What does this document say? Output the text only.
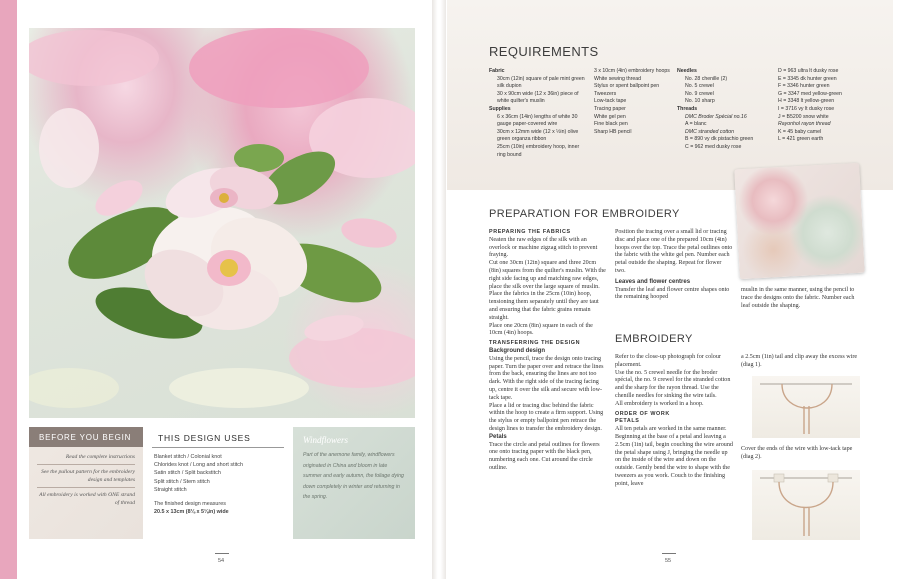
BEFORE YOU BEGIN
Read the complete instructions
See the pullout pattern for the embroidery design and templates
All embroidery is worked with ONE strand of thread
THIS DESIGN USES
Blanket stitch / Colonial knot
Chlorides knot / Long and short stitch
Satin stitch / Split backstitch
Split stitch / Stem stitch
Straight stitch
The finished design measures
20.5 x 13cm (8⅛ x 5⅛in) wide
Windflowers
Part of the anemone family, windflowers originated in China and bloom in late summer and early autumn, the foliage dying down completely in winter and returning in the spring.
54
REQUIREMENTS
Fabric
30cm (12in) square of pale mint green silk dupion
30 x 90cm wide (12 x 36in) piece of white quilter's muslin
Supplies
6 x 36cm (14in) lengths of white 30 gauge paper-covered wire
30cm x 12mm wide (12 x ½in) olive green organza ribbon
25cm (10in) embroidery hoop, inner ring bound
3 x 10cm (4in) embroidery hoops
White sewing thread
Stylus or spent ballpoint pen
Tweezers
Low-tack tape
Tracing paper
White gel pen
Fine black pen
Sharp HB pencil
Needles
No. 28 chenille (2)
No. 5 crewel
No. 9 crewel
No. 10 sharp
Threads
DMC Broder Spécial no.16
A = blanc
DMC stranded cotton
B = 890 vy dk pistachio green
C = 962 med dusky rose
D = 963 ultra lt dusky rose
E = 3345 dk hunter green
F = 3346 hunter green
G = 3347 med yellow-green
H = 3348 lt yellow-green
I = 3716 vy lt dusky rose
J = B5200 snow white
Rayonhol rayon thread
K = 45 baby camel
L = 421 green earth
PREPARATION FOR EMBROIDERY
PREPARING THE FABRICS
Neaten the raw edges of the silk with an overlock or machine zigzag stitch to prevent fraying.
Cut one 30cm (12in) square and three 20cm (8in) squares from the quilter's muslin. With the right side facing up and matching raw edges, place the silk over the large square of muslin. Place the fabrics in the 25cm (10in) hoop, tensioning them separately until they are taut and ensuring that the fabric grains remain straight.
Place one 20cm (8in) square in each of the 10cm (4in) hoops.
TRANSFERRING THE DESIGN
Background design
Using the pencil, trace the design onto tracing paper. Turn the paper over and retrace the lines from the back, ensuring the lines are not too dark. With the right side of the tracing facing up, centre it over the silk and secure with low-tack tape.
Place a lid or tracing disc behind the fabric within the hoop to create a firm support. Using the stylus or empty ballpoint pen retrace the design lines to transfer the embroidery design.
Petals
Trace the circle and petal outlines for flowers one onto tracing paper with the black pen, numbering each one. Cut around the circle outline.
Position the tracing over a small lid or tracing disc and place one of the prepared 10cm (4in) hoops over the top. Trace the petal outlines onto the fabric with the white gel pen. Number each petal outside the shaping. Repeat for flower two.
Leaves and flower centres
Transfer the leaf and flower centre shapes onto the remaining hooped
muslin in the same manner, using the pencil to trace the designs onto the fabric. Number each leaf outside the shaping.
EMBROIDERY
Refer to the close-up photograph for colour placement.
Use the no. 5 crewel needle for the broder spécial, the no. 9 crewel for the stranded cotton and the sharp for the rayon thread. Use the chenille needles for sinking the wire tails.
All embroidery is worked in a hoop.
ORDER OF WORK
PETALS
All ten petals are worked in the same manner.
Beginning at the base of a petal and leaving a 2.5cm (1in) tail, begin couching the wire around the petal shape using J, bringing the needle up on the inside of the wire and down on the outside. Gently bend the wire to shape with the tweezers as you work. Couch to the finishing point, leave
a 2.5cm (1in) tail and clip away the excess wire (diag 1).
Cover the ends of the wire with low-tack tape (diag 2).
55
